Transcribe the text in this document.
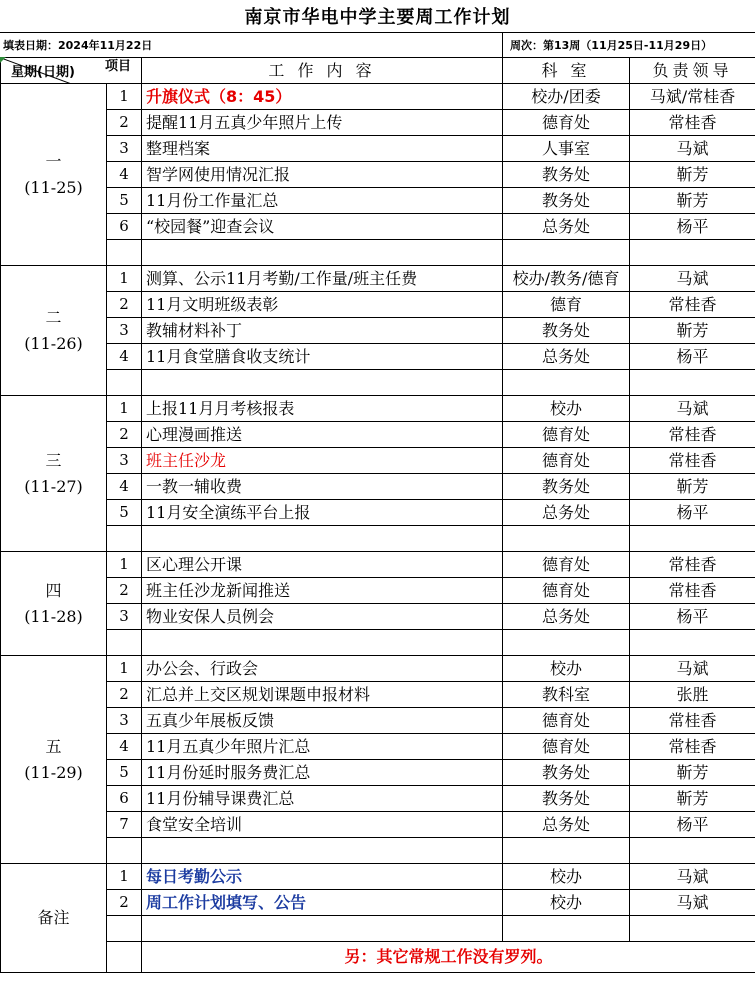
南京市华电中学主要周工作计划
填表日期：2024年11月22日	周次：第13周（11月25日-11月29日）
项目
星期(日期)		工 作 内 容	科 室	负责领导

一
(11-25)	1	升旗仪式（8：45）	校办/团委	马斌/常桂香
	2	提醒11月五真少年照片上传	德育处	常桂香
	3	整理档案	人事室	马斌
	4	智学网使用情况汇报	教务处	靳芳
	5	11月份工作量汇总	教务处	靳芳
	6	“校园餐”迎查会议	总务处	杨平

二
(11-26)	1	测算、公示11月考勤/工作量/班主任费	校办/教务/德育	马斌
	2	11月文明班级表彰	德育	常桂香
	3	教辅材料补丁	教务处	靳芳
	4	11月食堂膳食收支统计	总务处	杨平

三
(11-27)	1	上报11月月考核报表	校办	马斌
	2	心理漫画推送	德育处	常桂香
	3	班主任沙龙	德育处	常桂香
	4	一教一辅收费	教务处	靳芳
	5	11月安全演练平台上报	总务处	杨平

四
(11-28)	1	区心理公开课	德育处	常桂香
	2	班主任沙龙新闻推送	德育处	常桂香
	3	物业安保人员例会	总务处	杨平

五
(11-29)	1	办公会、行政会	校办	马斌
	2	汇总并上交区规划课题申报材料	教科室	张胜
	3	五真少年展板反馈	德育处	常桂香
	4	11月五真少年照片汇总	德育处	常桂香
	5	11月份延时服务费汇总	教务处	靳芳
	6	11月份辅导课费汇总	教务处	靳芳
	7	食堂安全培训	总务处	杨平

备注	1	每日考勤公示	校办	马斌
	2	周工作计划填写、公告	校办	马斌

		另：其它常规工作没有罗列。		
